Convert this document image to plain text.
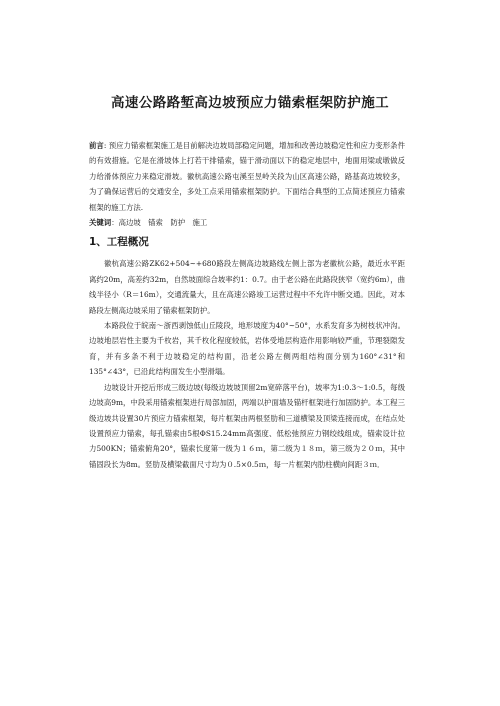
高速公路路堑高边坡预应力锚索框架防护施工

前言: 预应力锚索框架施工是目前解决边坡局部稳定问题，增加和改善边坡稳定性和应力变形条件的有效措施。它是在滑坡体上打若干排锚索，锚于滑动面以下的稳定地层中，地面用梁或墩做反力给滑体预应力来稳定滑坡。徽杭高速公路屯溪至昱岭关段为山区高速公路，路基高边坡较多，为了确保运营后的交通安全，多处工点采用锚索框架防护。下面结合典型的工点简述预应力锚索框架的施工方法.

关键词：高边坡　锚索　防护　施工

1、工程概况

徽杭高速公路ZK62+504~+680路段左侧高边坡路线左侧上部为老徽杭公路，最近水平距离约20m，高差约32m，自然坡面综合坡率约1：0.7。由于老公路在此路段狭窄（宽约6m），曲线半径小（R＝16m），交通流量大，且在高速公路竣工运营过程中不允许中断交通。因此，对本路段左侧高边坡采用了锚索框架防护。

本路段位于皖南～浙西剥蚀低山丘陵段，地形坡度为40°~50°，水系发育多为树枝状冲沟。边坡地层岩性主要为千枚岩，其千枚化程度较低，岩体受地层构造作用影响较严重，节理裂隙发育，并有多条不利于边坡稳定的结构面，沿老公路左侧两组结构面分别为160°∠31°和135°∠43°，已沿此结构面发生小型滑塌。

边坡设计开挖后形成三级边坡(每级边坡坡顶留2m宽碎落平台)，坡率为1:0.3～1:0.5，每级边坡高9m，中段采用锚索框架进行局部加固，两端以护面墙及锚杆框架进行加固防护。本工程三级边坡共设置30片预应力锚索框架，每片框架由两根竖肋和三道横梁及顶梁连接而成，在结点处设置预应力锚索，每孔锚索由5根ΦS15.24mm高强度、低松弛预应力钢绞线组成，锚索设计拉力500KN；锚索俯角20°，锚索长度第一级为１６ｍ，第二级为１８ｍ，第三级为２０ｍ，其中锚固段长为8m。竖肋及横梁截面尺寸均为０.5×0.5ｍ，每一片框架内肋柱横向间距３ｍ．
